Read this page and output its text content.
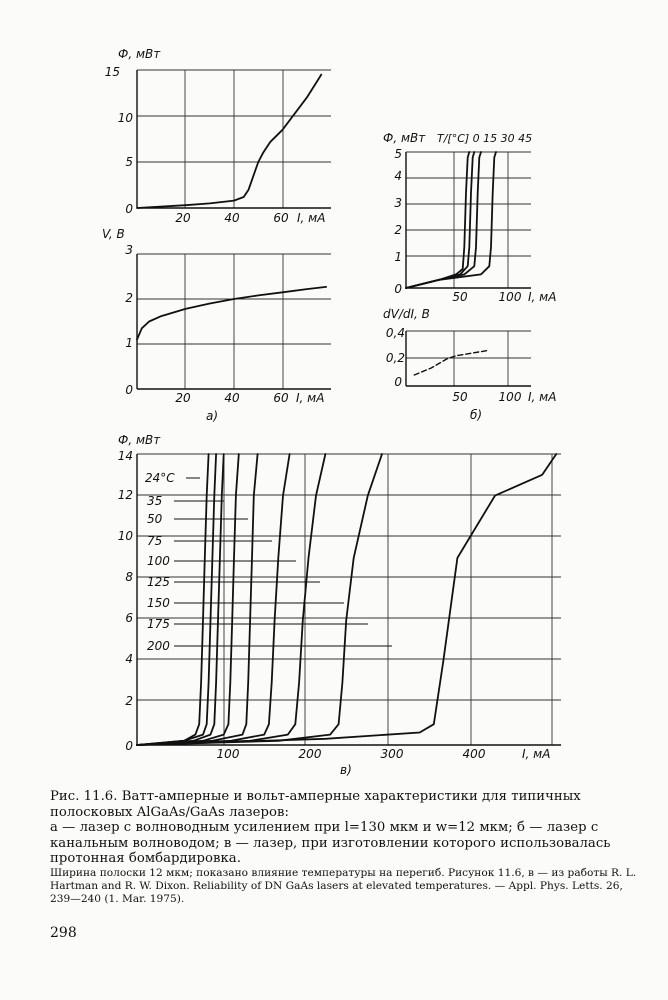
Ф, мВт
15
10
5
0
20	40	60 I, мА
V, В
3
2
1
0
20	40	60 I, мА
а)
Ф, мВт T/[°С] 0 15 30 45
5
4
3
2
1
0
50	100 I, мА
dV/dI, В
0,4
0,2
0
50	100 I, мА
б)
Ф, мВт
14
12
10
8
6
4
2
0
100	200	300	400	I, мА
в)
24°С
35
50
75
100
125
150
175
200

Рис. 11.6. Ватт-амперные и вольт-амперные характеристики для типичных полосковых AlGaAs/GaAs лазеров:

а — лазер с волноводным усилением при l=130 мкм и w=12 мкм; б — лазер с канальным волноводом; в — лазер, при изготовлении которого использовалась протонная бомбардировка.

Ширина полоски 12 мкм; показано влияние температуры на перегиб. Рисунок 11.6, в — из работы R. L. Hartman and R. W. Dixon. Reliability of DN GaAs lasers at elevated temperatures. — Appl. Phys. Letts. 26, 239—240 (1. Mar. 1975).
298
